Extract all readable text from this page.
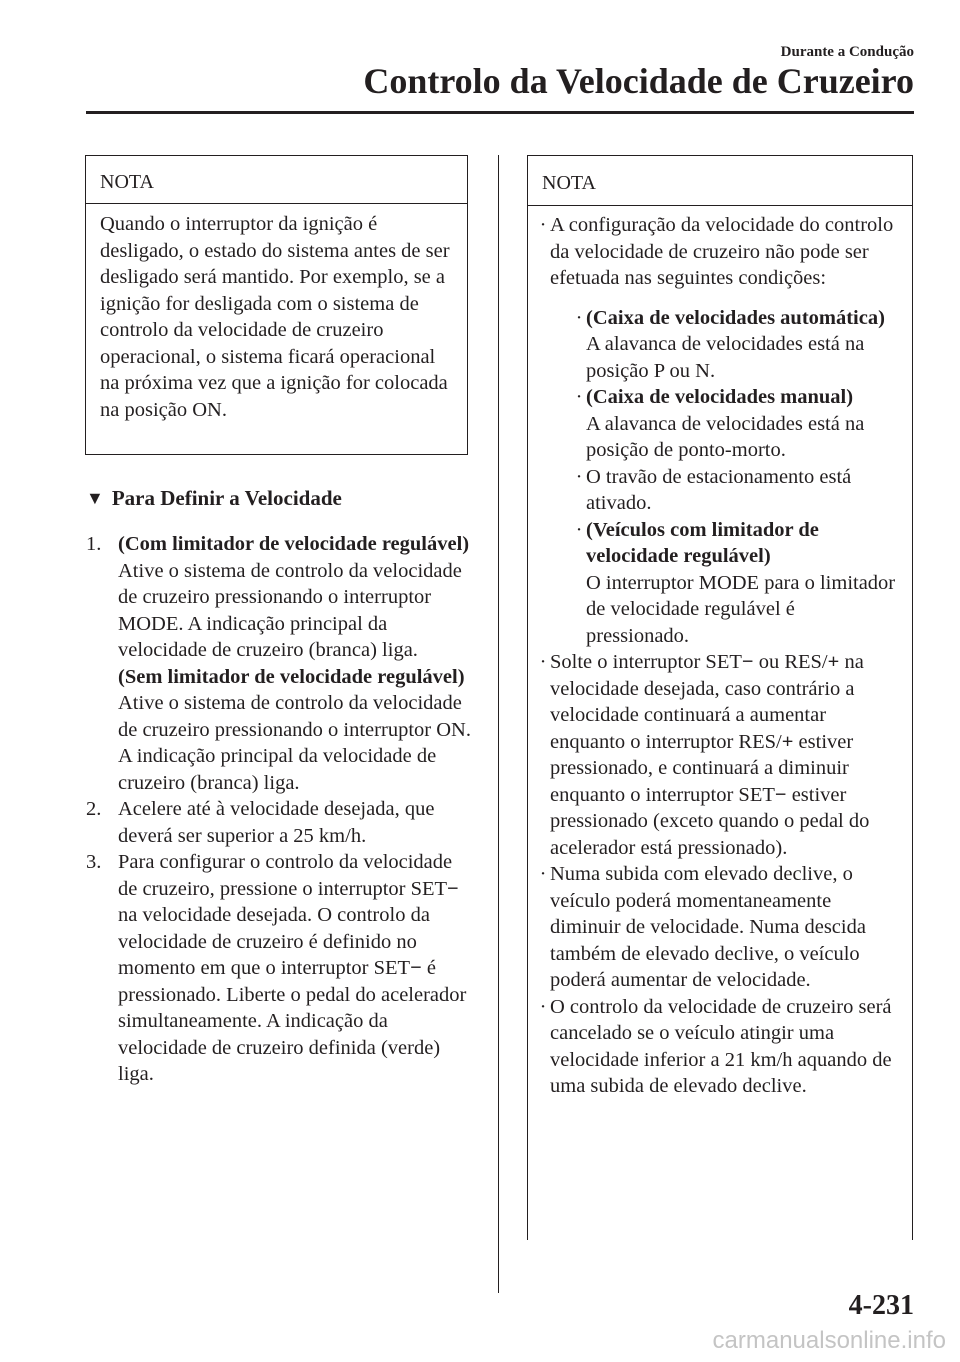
Durante a Condução
Controlo da Velocidade de Cruzeiro
NOTA
Quando o interruptor da ignição é desligado, o estado do sistema antes de ser desligado será mantido. Por exemplo, se a ignição for desligada com o sistema de controlo da velocidade de cruzeiro operacional, o sistema ficará operacional na próxima vez que a ignição for colocada na posição ON.
▼ Para Definir a Velocidade
1. (Com limitador de velocidade regulável)

Ative o sistema de controlo da velocidade de cruzeiro pressionando o interruptor MODE. A indicação principal da velocidade de cruzeiro (branca) liga.

(Sem limitador de velocidade regulável)

Ative o sistema de controlo da velocidade de cruzeiro pressionando o interruptor ON. A indicação principal da velocidade de cruzeiro (branca) liga.

2. Acelere até à velocidade desejada, que deverá ser superior a 25 km/h.

3. Para configurar o controlo da velocidade de cruzeiro, pressione o interruptor SET− na velocidade desejada. O controlo da velocidade de cruzeiro é definido no momento em que o interruptor SET− é pressionado. Liberte o pedal do acelerador simultaneamente. A indicação da velocidade de cruzeiro definida (verde) liga.

NOTA
· A configuração da velocidade do controlo da velocidade de cruzeiro não pode ser efetuada nas seguintes condições:

· (Caixa de velocidades automática)

A alavanca de velocidades está na posição P ou N.

· (Caixa de velocidades manual)

A alavanca de velocidades está na posição de ponto-morto.

· O travão de estacionamento está ativado.

· (Veículos com limitador de velocidade regulável)

O interruptor MODE para o limitador de velocidade regulável é pressionado.

· Solte o interruptor SET− ou RES/+ na velocidade desejada, caso contrário a velocidade continuará a aumentar enquanto o interruptor RES/+ estiver pressionado, e continuará a diminuir enquanto o interruptor SET− estiver pressionado (exceto quando o pedal do acelerador está pressionado).

· Numa subida com elevado declive, o veículo poderá momentaneamente diminuir de velocidade. Numa descida também de elevado declive, o veículo poderá aumentar de velocidade.

· O controlo da velocidade de cruzeiro será cancelado se o veículo atingir uma velocidade inferior a 21 km/h aquando de uma subida de elevado declive.

4-231
carmanualsonline.info
